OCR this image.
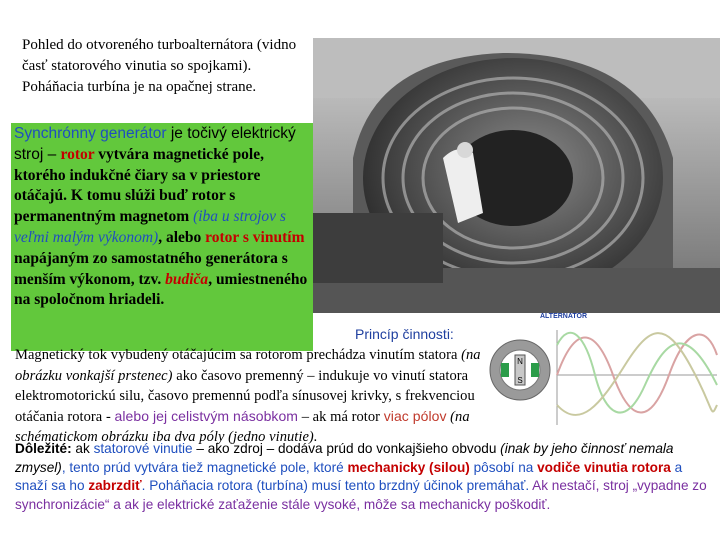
Pohled do otvoreného turboalternátora (vidno časť statorového vinutia so spojkami). Poháňacia turbína je na opačnej strane.
Synchrónny generátor je točivý elektrický stroj – rotor vytvára magnetické pole, ktorého indukčné čiary sa v priestore otáčajú. K tomu slúži buď rotor s permanentným magnetom (iba u strojov s veľmi malým výkonom), alebo rotor s vinutím napájaným zo samostatného generátora s menším výkonom, tzv. budiča, umiestneného na spoločnom hriadeli.
ALTERNATOR
Princíp činnosti:
N
S
Magnetický tok vybudený otáčajúcim sa rotorom prechádza vinutím statora (na obrázku vonkajší prstenec) ako časovo premenný – indukuje vo vinutí statora elektromotorickú silu, časovo premennú podľa sínusovej krivky, s frekvenciou otáčania rotora - alebo jej celistvým násobkom – ak má rotor viac pólov (na schématickom obrázku iba dva póly (jedno vinutie).
Dôležité: ak statorové vinutie – ako zdroj – dodáva prúd do vonkajšieho obvodu (inak by jeho činnosť nemala zmysel), tento prúd vytvára tiež magnetické pole, ktoré mechanicky (silou) pôsobí na vodiče vinutia rotora a snaží sa ho zabrzdiť. Poháňacia rotora (turbína) musí tento brzdný účinok premáhať. Ak nestačí, stroj „vypadne zo synchronizácie“ a ak je elektrické zaťaženie stále vysoké, môže sa mechanicky poškodiť.
